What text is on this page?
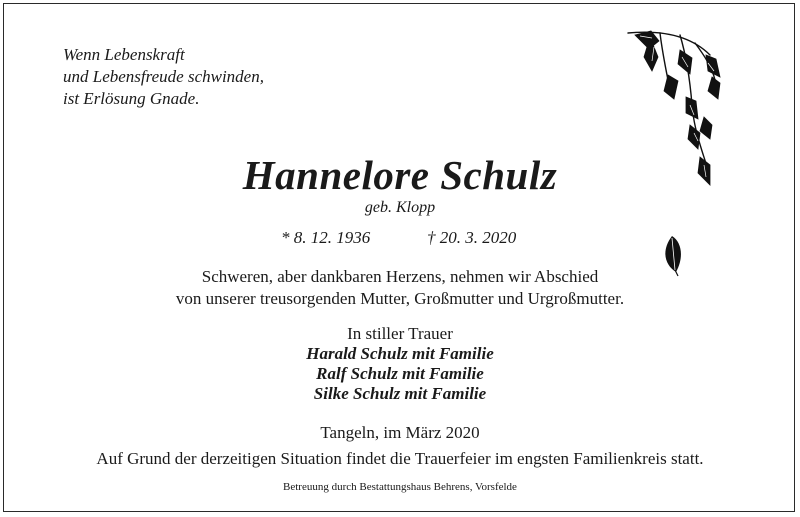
Wenn Lebenskraft
und Lebensfreude schwinden,
ist Erlösung Gnade.
Hannelore Schulz
geb. Klopp
* 8. 12. 1936	† 20. 3. 2020
Schweren, aber dankbaren Herzens, nehmen wir Abschied
von unserer treusorgenden Mutter, Großmutter und Urgroßmutter.
In stiller Trauer
Harald Schulz mit Familie
Ralf Schulz mit Familie
Silke Schulz mit Familie
Tangeln, im März 2020
Auf Grund der derzeitigen Situation findet die Trauerfeier im engsten Familienkreis statt.
Betreuung durch Bestattungshaus Behrens, Vorsfelde
